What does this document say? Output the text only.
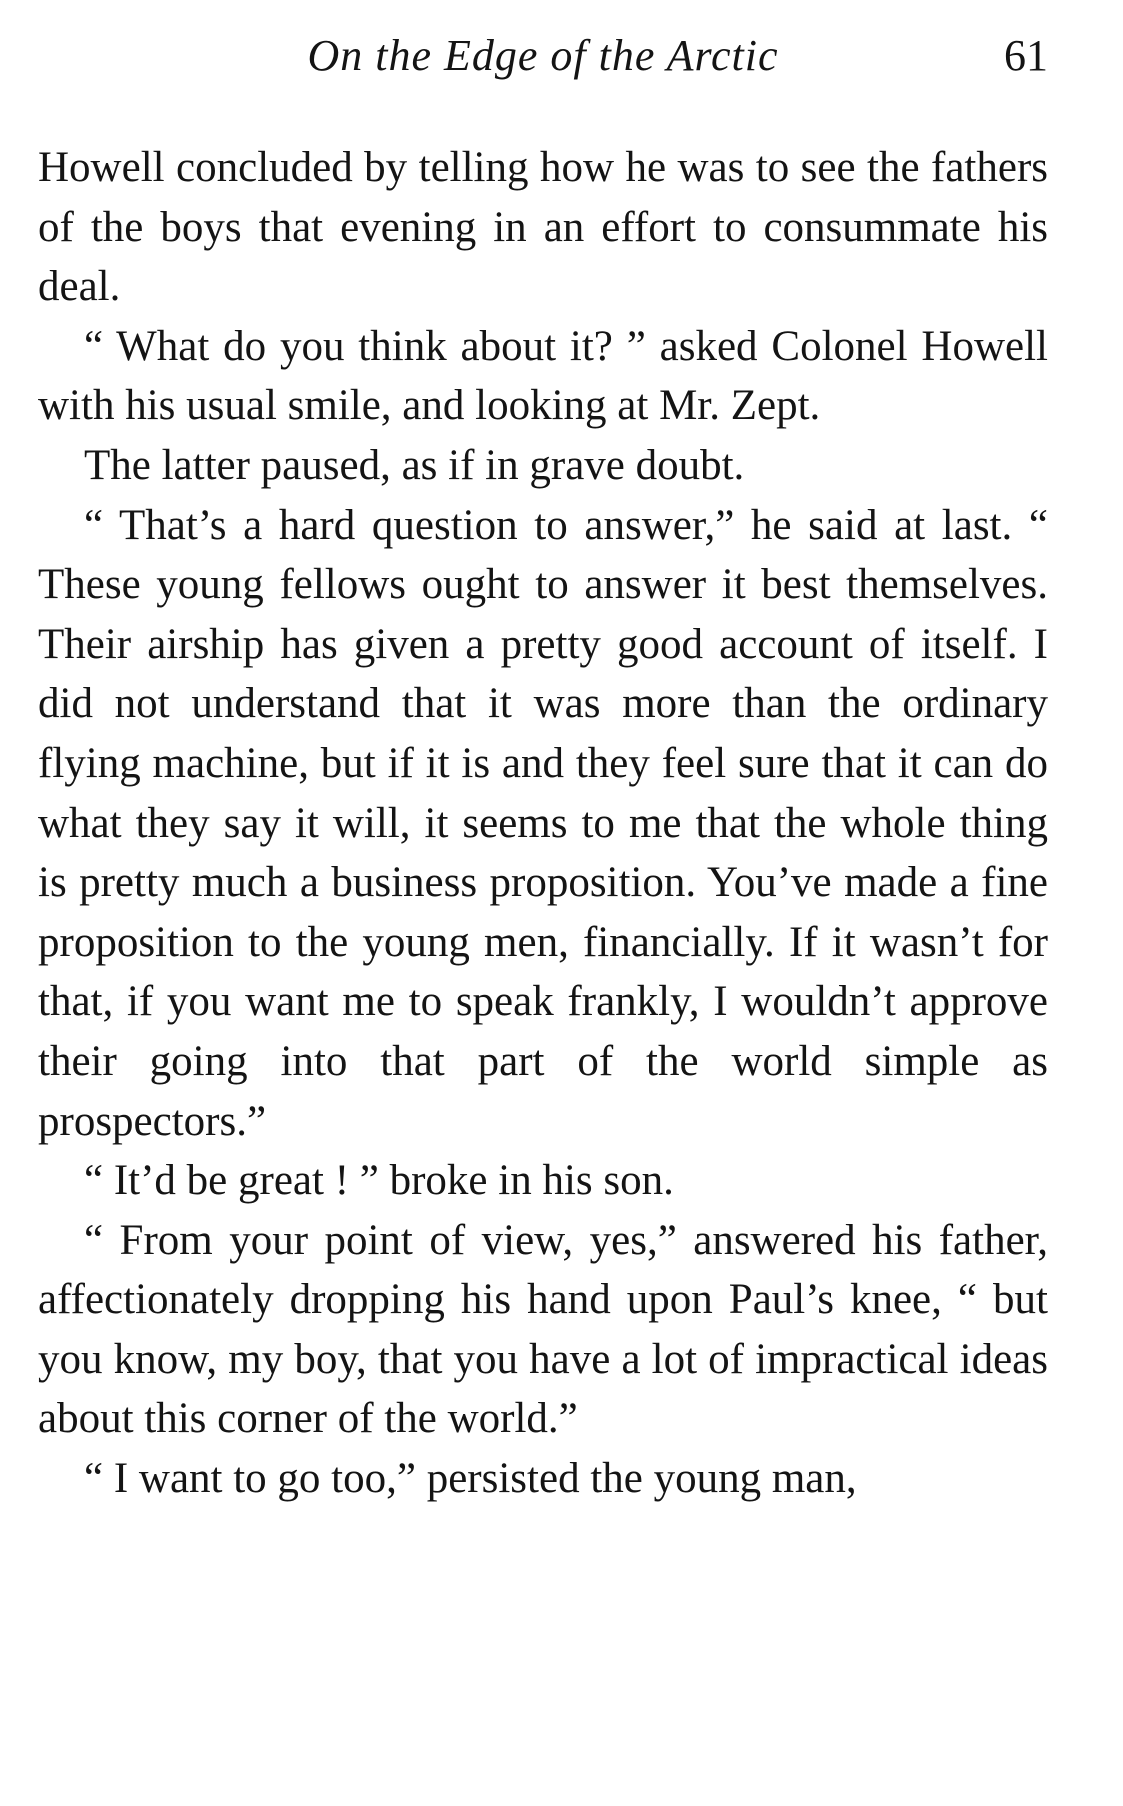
On the Edge of the Arctic	61

Howell concluded by telling how he was to see the fathers of the boys that evening in an effort to consummate his deal.

“ What do you think about it? ” asked Colonel Howell with his usual smile, and looking at Mr. Zept.

The latter paused, as if in grave doubt.

“ That’s a hard question to answer,” he said at last. “ These young fellows ought to answer it best themselves. Their airship has given a pretty good account of itself. I did not understand that it was more than the ordinary flying machine, but if it is and they feel sure that it can do what they say it will, it seems to me that the whole thing is pretty much a business proposition. You’ve made a fine proposition to the young men, financially. If it wasn’t for that, if you want me to speak frankly, I wouldn’t approve their going into that part of the world simple as prospectors.”

“ It’d be great ! ” broke in his son.

“ From your point of view, yes,” answered his father, affectionately dropping his hand upon Paul’s knee, “ but you know, my boy, that you have a lot of impractical ideas about this corner of the world.”

“ I want to go too,” persisted the young man,
